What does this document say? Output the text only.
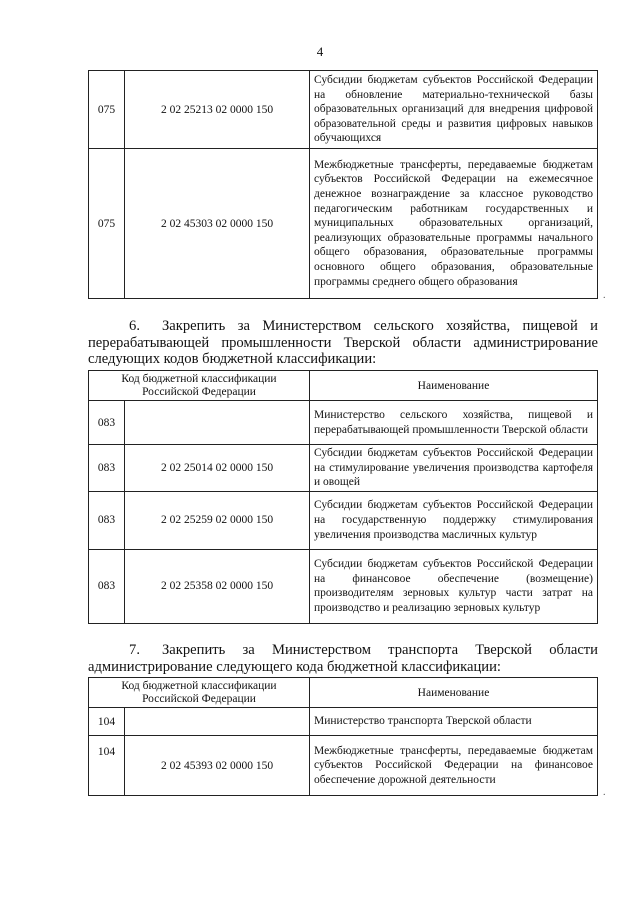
4
075	2 02 25213 02 0000 150	Субсидии бюджетам субъектов Российской Федерации на обновление материально-технической базы образовательных организаций для внедрения цифровой образовательной среды и развития цифровых навыков обучающихся
075	2 02 45303 02 0000 150	Межбюджетные трансферты, передаваемые бюджетам субъектов Российской Федерации на ежемесячное денежное вознаграждение за классное руководство педагогическим работникам государственных и муниципальных образовательных организаций, реализующих образовательные программы начального общего образования, образовательные программы основного общего образования, образовательные программы среднего общего образования
.
6. Закрепить за Министерством сельского хозяйства, пищевой и перерабатывающей промышленности Тверской области администрирование следующих кодов бюджетной классификации:
Код бюджетной классификации Российской Федерации		Наименование
083		Министерство сельского хозяйства, пищевой и перерабатывающей промышленности Тверской области
083	2 02 25014 02 0000 150	Субсидии бюджетам субъектов Российской Федерации на стимулирование увеличения производства картофеля и овощей
083	2 02 25259 02 0000 150	Субсидии бюджетам субъектов Российской Федерации на государственную поддержку стимулирования увеличения производства масличных культур
083	2 02 25358 02 0000 150	Субсидии бюджетам субъектов Российской Федерации на финансовое обеспечение (возмещение) производителям зерновых культур части затрат на производство и реализацию зерновых культур
7. Закрепить за Министерством транспорта Тверской области администрирование следующего кода бюджетной классификации:
Код бюджетной классификации Российской Федерации		Наименование
104		Министерство транспорта Тверской области
104	2 02 45393 02 0000 150	Межбюджетные трансферты, передаваемые бюджетам субъектов Российской Федерации на финансовое обеспечение дорожной деятельности
.
